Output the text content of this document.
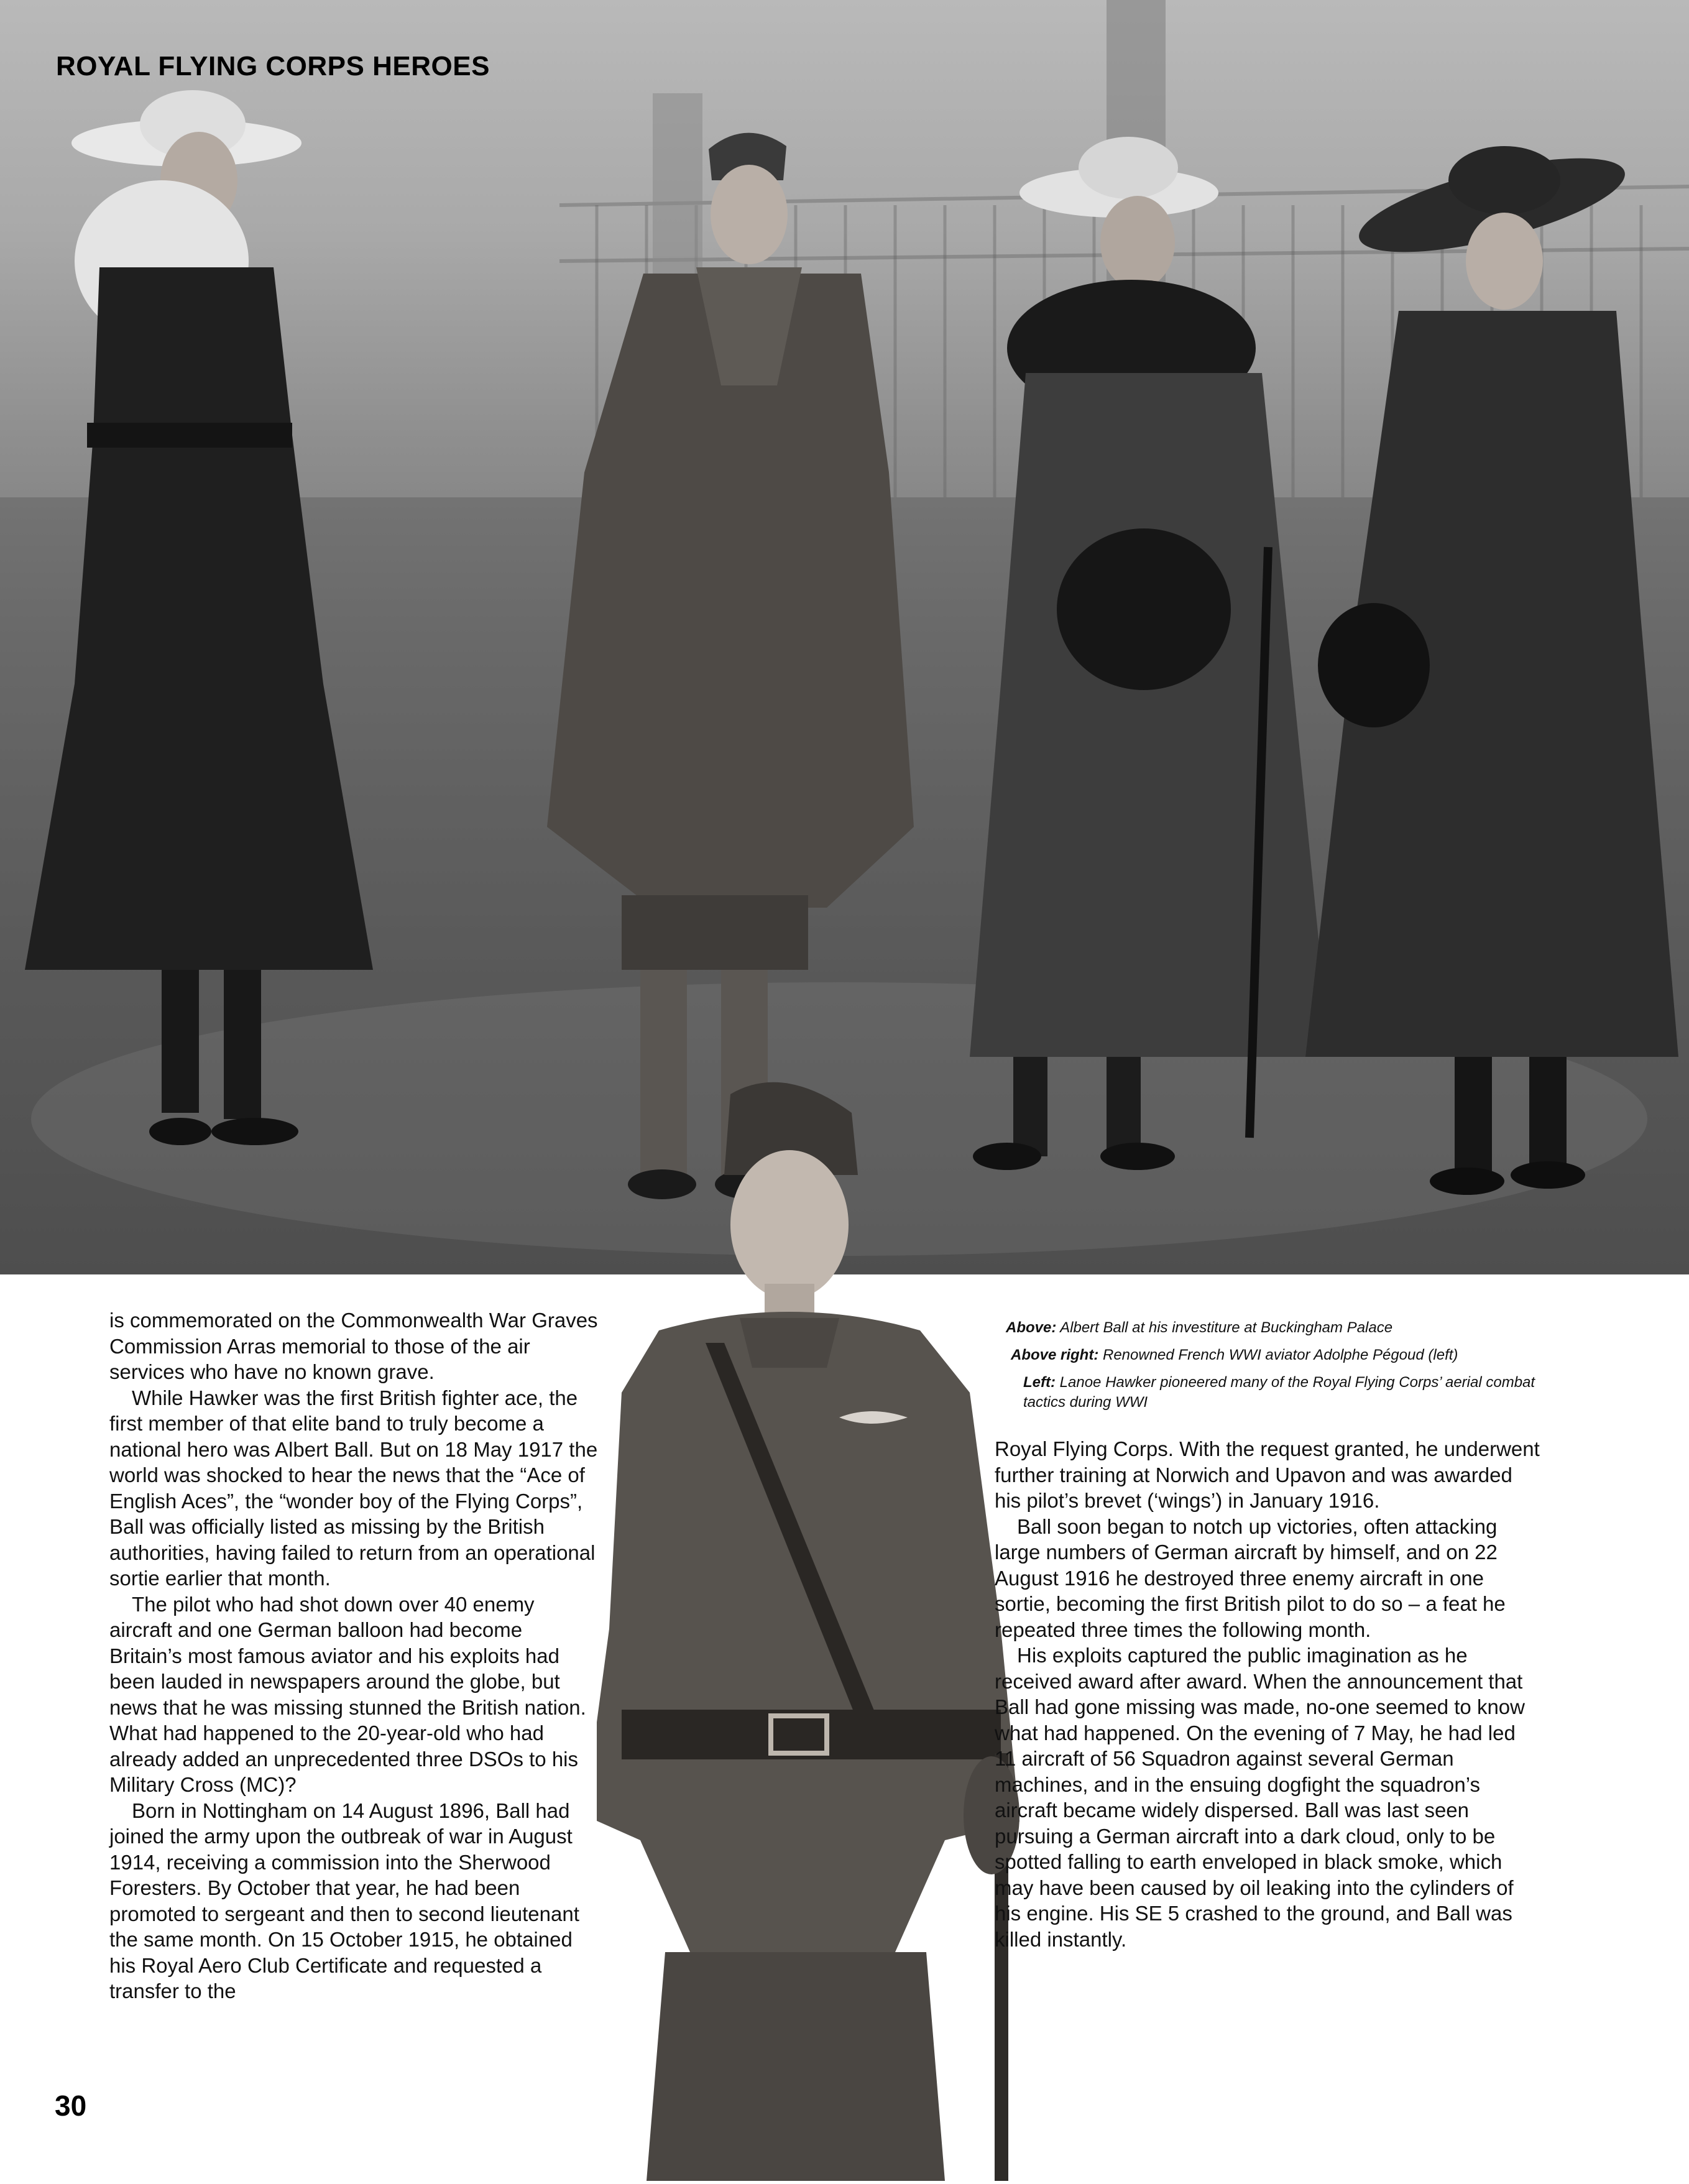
ROYAL FLYING CORPS HEROES

Above: Albert Ball at his investiture at Buckingham Palace

Above right: Renowned French WWI aviator Adolphe Pégoud (left)

Left: Lanoe Hawker pioneered many of the Royal Flying Corps’ aerial combat tactics during WWI

is commemorated on the Commonwealth War Graves Commission Arras memorial to those of the air services who have no known grave.

While Hawker was the first British fighter ace, the first member of that elite band to truly become a national hero was Albert Ball. But on 18 May 1917 the world was shocked to hear the news that the “Ace of English Aces”, the “wonder boy of the Flying Corps”, Ball was officially listed as missing by the British authorities, having failed to return from an operational sortie earlier that month.

The pilot who had shot down over 40 enemy aircraft and one German balloon had become Britain’s most famous aviator and his exploits had been lauded in newspapers around the globe, but news that he was missing stunned the British nation. What had happened to the 20-year-old who had already added an unprecedented three DSOs to his Military Cross (MC)?

Born in Nottingham on 14 August 1896, Ball had joined the army upon the outbreak of war in August 1914, receiving a commission into the Sherwood Foresters. By October that year, he had been promoted to sergeant and then to second lieutenant the same month. On 15 October 1915, he obtained his Royal Aero Club Certificate and requested a transfer to the

Royal Flying Corps. With the request granted, he underwent further training at Norwich and Upavon and was awarded his pilot’s brevet (‘wings’) in January 1916.

Ball soon began to notch up victories, often attacking large numbers of German aircraft by himself, and on 22 August 1916 he destroyed three enemy aircraft in one sortie, becoming the first British pilot to do so – a feat he repeated three times the following month.

His exploits captured the public imagination as he received award after award. When the announcement that Ball had gone missing was made, no-one seemed to know what had happened. On the evening of 7 May, he had led 11 aircraft of 56 Squadron against several German machines, and in the ensuing dogfight the squadron’s aircraft became widely dispersed. Ball was last seen pursuing a German aircraft into a dark cloud, only to be spotted falling to earth enveloped in black smoke, which may have been caused by oil leaking into the cylinders of his engine. His SE 5 crashed to the ground, and Ball was killed instantly.

30
